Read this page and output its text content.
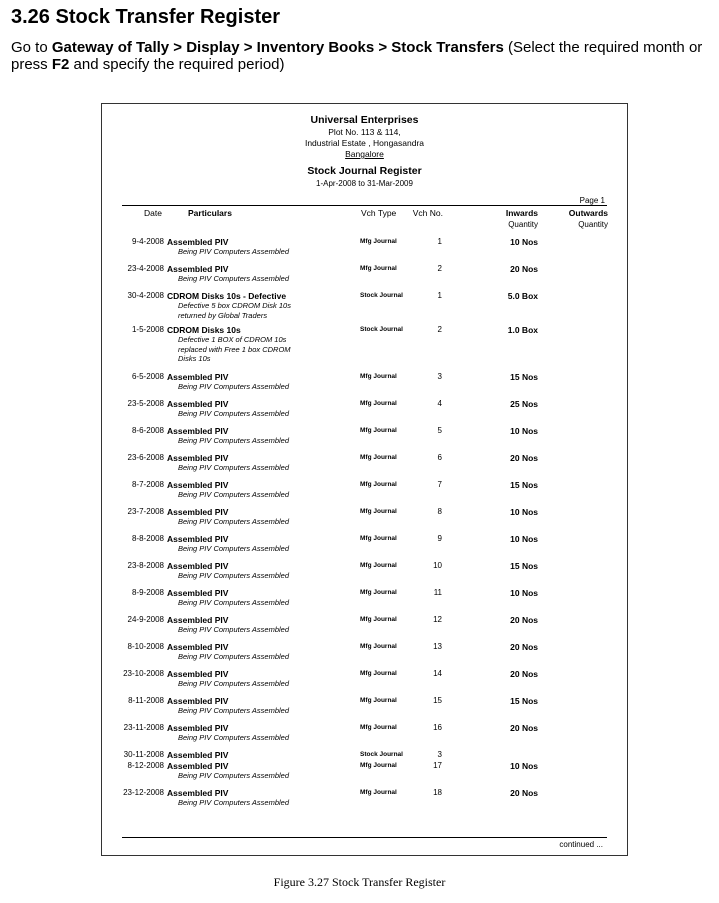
3.26 Stock Transfer Register
Go to Gateway of Tally > Display > Inventory Books > Stock Transfers (Select the required month or press F2 and specify the required period)
Universal Enterprises
Plot No. 113 & 114,
Industrial Estate , Hongasandra
Bangalore
Stock Journal Register
1-Apr-2008 to 31-Mar-2009
Page 1
Date	Particulars	Vch Type	Vch No.	Inwards	Outwards
Quantity	Quantity
9-4-2008 Assembled PIV
Being PIV Computers Assembled
Mfg Journal	1	10 Nos
23-4-2008 Assembled PIV
Being PIV Computers Assembled
Mfg Journal	2	20 Nos
30-4-2008 CDROM Disks 10s - Defective
Defective 5 box CDROM Disk 10s returned by Global Traders
Stock Journal	1	5.0 Box
1-5-2008 CDROM Disks 10s
Defective 1 BOX of CDROM 10s replaced with Free 1 box CDROM Disks 10s
Stock Journal	2	1.0 Box
6-5-2008 Assembled PIV
Being PIV Computers Assembled
Mfg Journal	3	15 Nos
23-5-2008 Assembled PIV
Being PIV Computers Assembled
Mfg Journal	4	25 Nos
8-6-2008 Assembled PIV
Being PIV Computers Assembled
Mfg Journal	5	10 Nos
23-6-2008 Assembled PIV
Being PIV Computers Assembled
Mfg Journal	6	20 Nos
8-7-2008 Assembled PIV
Being PIV Computers Assembled
Mfg Journal	7	15 Nos
23-7-2008 Assembled PIV
Being PIV Computers Assembled
Mfg Journal	8	10 Nos
8-8-2008 Assembled PIV
Being PIV Computers Assembled
Mfg Journal	9	10 Nos
23-8-2008 Assembled PIV
Being PIV Computers Assembled
Mfg Journal	10	15 Nos
8-9-2008 Assembled PIV
Being PIV Computers Assembled
Mfg Journal	11	10 Nos
24-9-2008 Assembled PIV
Being PIV Computers Assembled
Mfg Journal	12	20 Nos
8-10-2008 Assembled PIV
Being PIV Computers Assembled
Mfg Journal	13	20 Nos
23-10-2008 Assembled PIV
Being PIV Computers Assembled
Mfg Journal	14	20 Nos
8-11-2008 Assembled PIV
Being PIV Computers Assembled
Mfg Journal	15	15 Nos
23-11-2008 Assembled PIV
Being PIV Computers Assembled
Mfg Journal	16	20 Nos
30-11-2008 Assembled PIV	Stock Journal	3
8-12-2008 Assembled PIV
Being PIV Computers Assembled
Mfg Journal	17	10 Nos
23-12-2008 Assembled PIV
Being PIV Computers Assembled
Mfg Journal	18	20 Nos
continued ...
Figure 3.27 Stock Transfer Register
